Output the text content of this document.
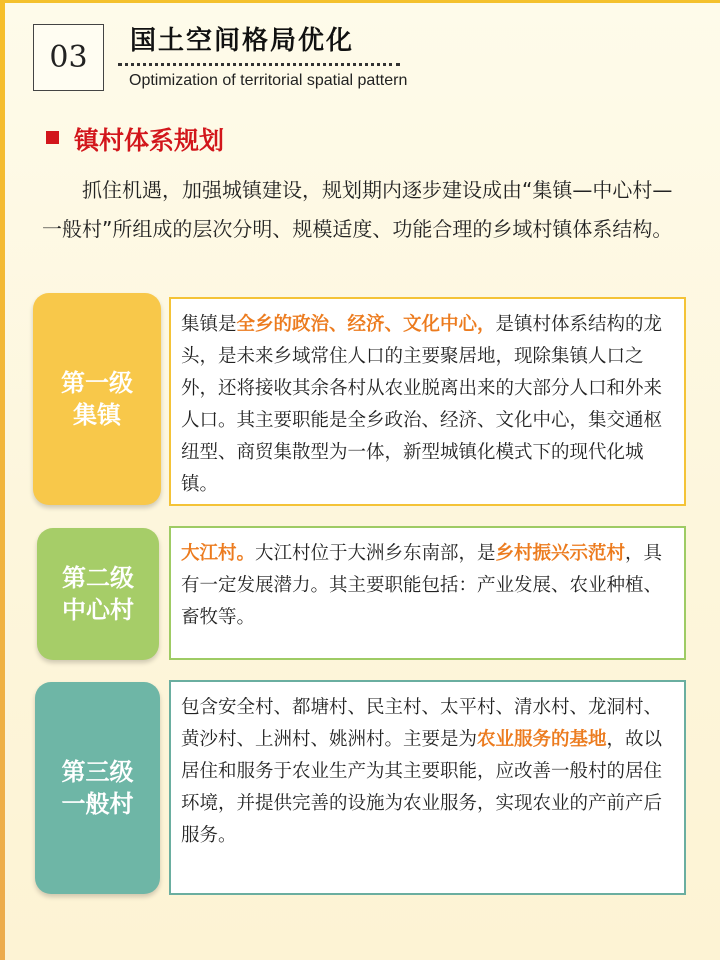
03 国土空间格局优化
Optimization of territorial spatial pattern
镇村体系规划

抓住机遇，加强城镇建设，规划期内逐步建设成由“集镇—中心村—一般村”所组成的层次分明、规模适度、功能合理的乡域村镇体系结构。

第一级
集镇

集镇是全乡的政治、经济、文化中心，是镇村体系结构的龙头，是未来乡域常住人口的主要聚居地，现除集镇人口之外，还将接收其余各村从农业脱离出来的大部分人口和外来人口。其主要职能是全乡政治、经济、文化中心，集交通枢纽型、商贸集散型为一体，新型城镇化模式下的现代化城镇。

第二级
中心村

大江村。大江村位于大洲乡东南部，是乡村振兴示范村，具有一定发展潜力。其主要职能包括：产业发展、农业种植、畜牧等。

第三级
一般村

包含安全村、都塘村、民主村、太平村、清水村、龙洞村、黄沙村、上洲村、姚洲村。主要是为农业服务的基地，故以居住和服务于农业生产为其主要职能，应改善一般村的居住环境，并提供完善的设施为农业服务，实现农业的产前产后服务。
